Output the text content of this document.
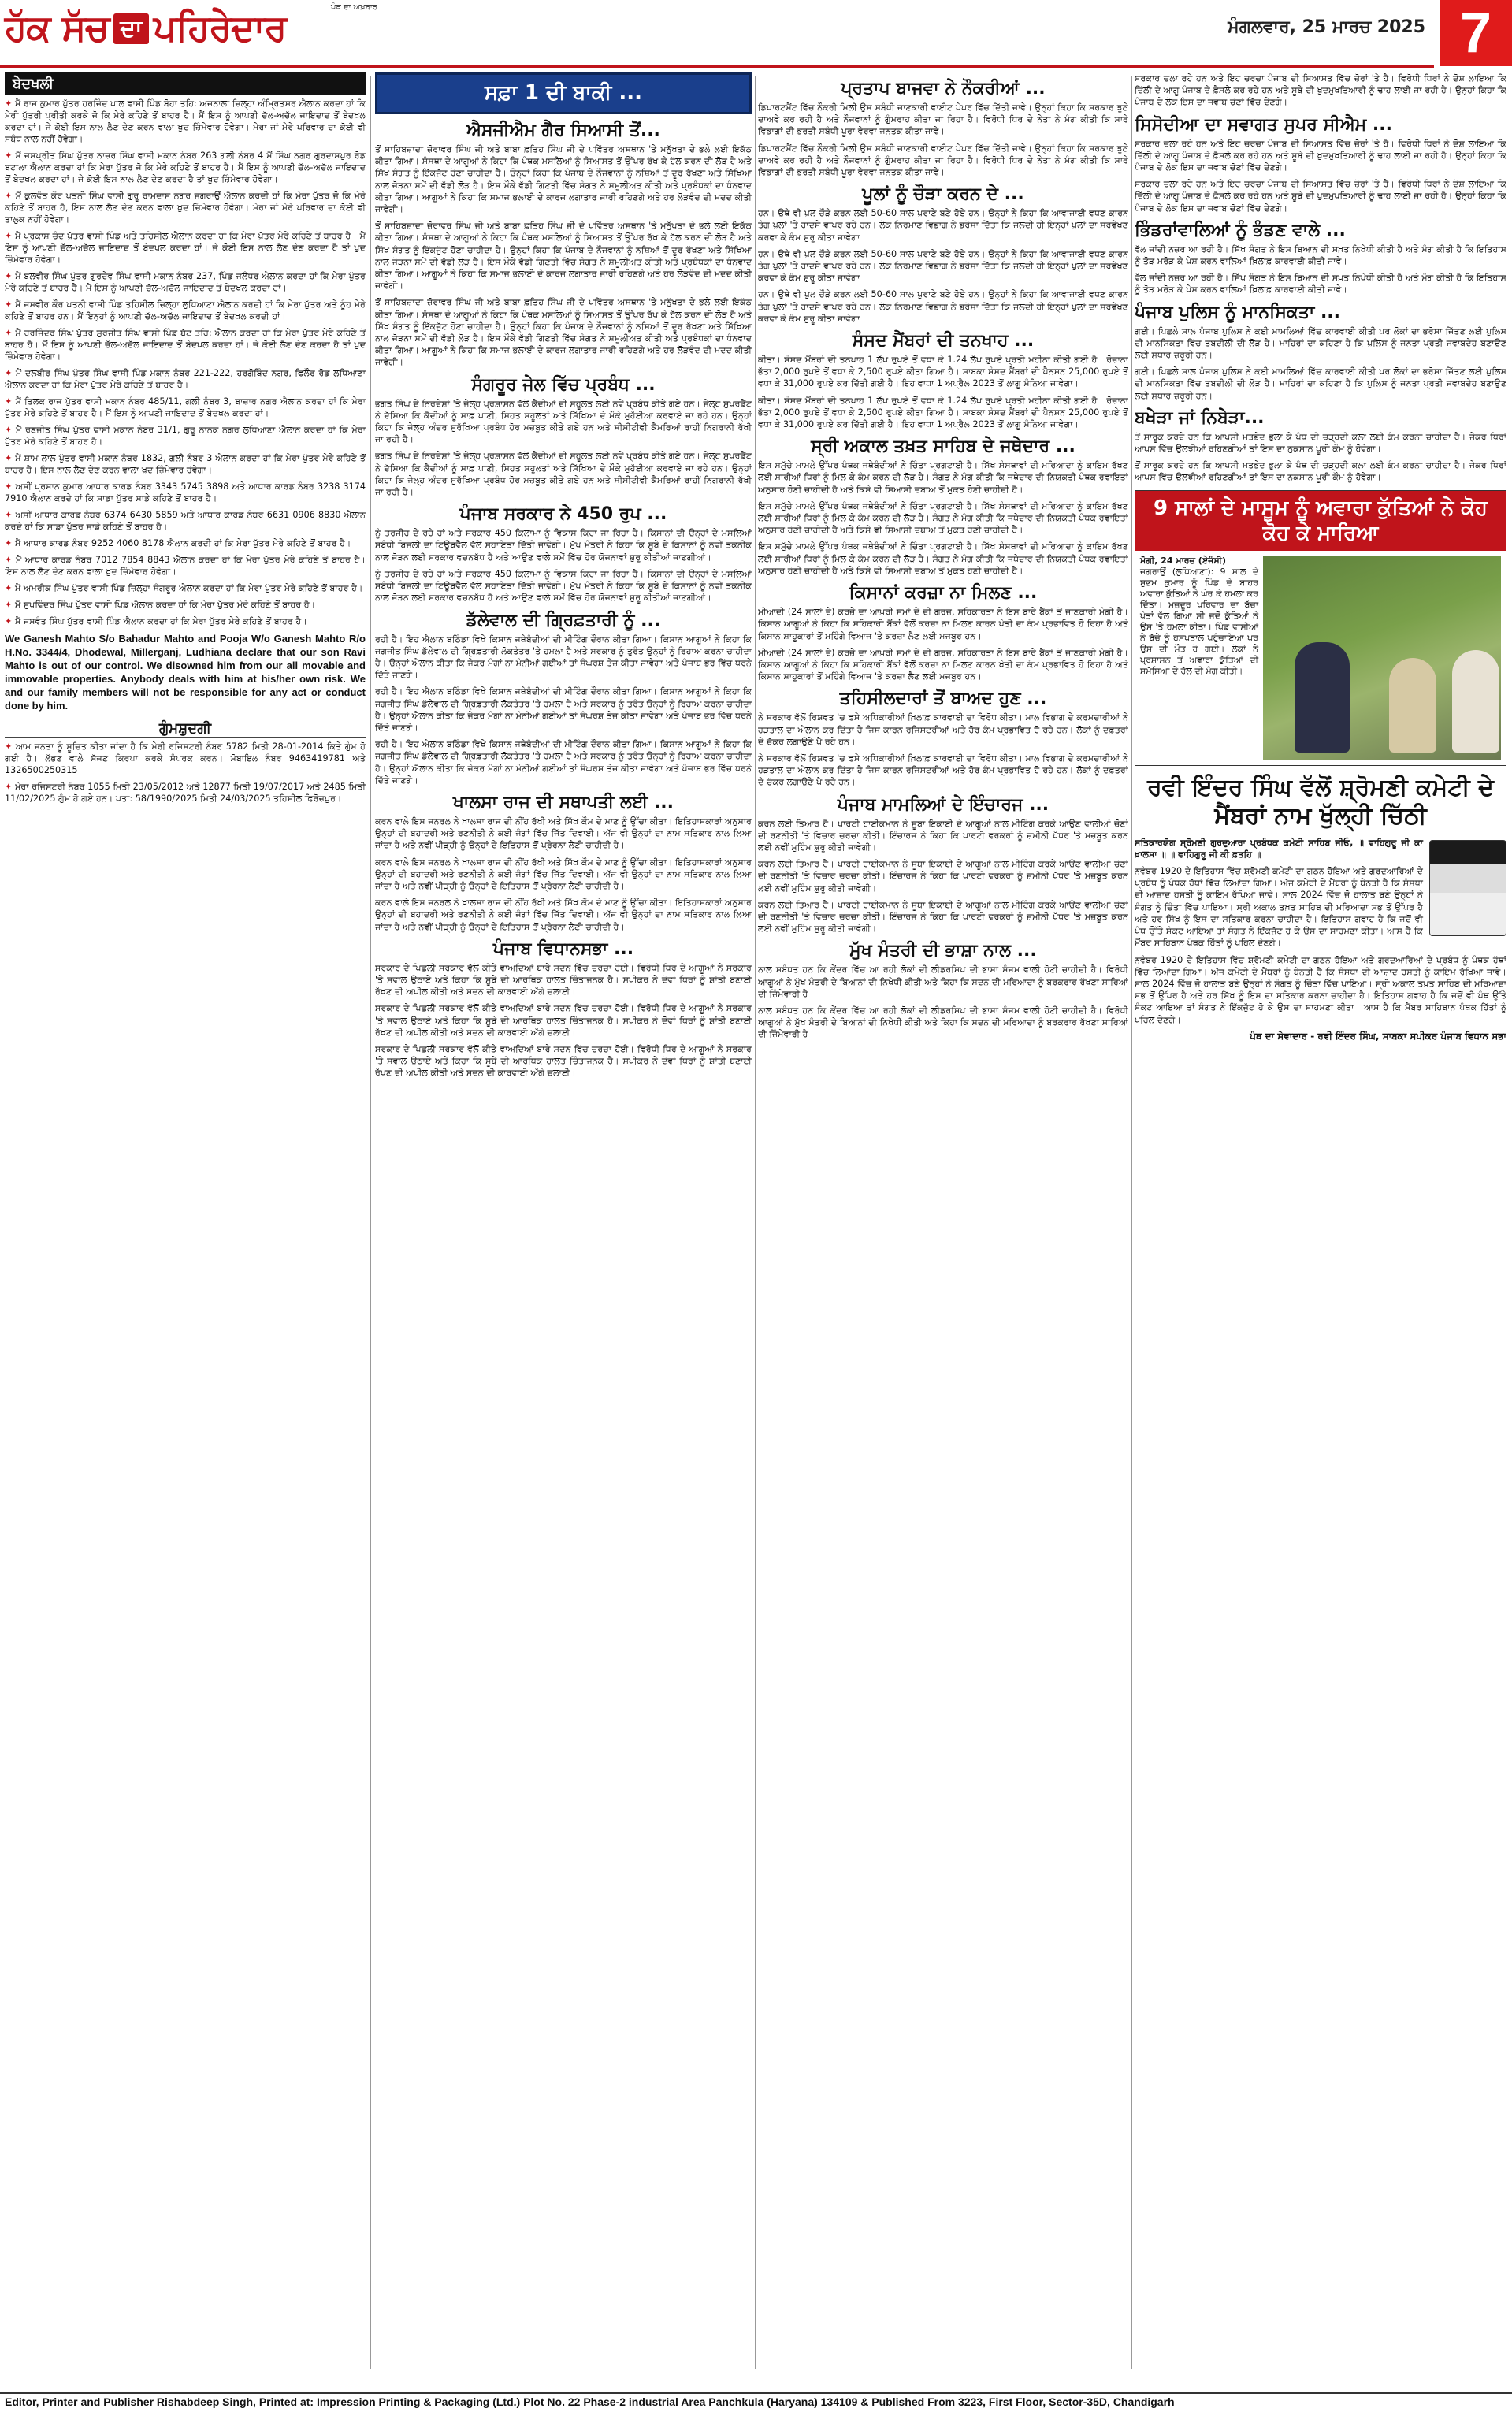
ਹੱਕ ਸੱਚ ਦਾ ਪਹਿਰੇਦਾਰ	ਪੰਥ ਦਾ ਅਖ਼ਬਾਰ
ਮੰਗਲਵਾਰ, 25 ਮਾਰਚ 2025 7
ਬੇਦਖਲੀ

✦ ਮੈਂ ਰਾਜ ਕੁਮਾਰ ਪੁੱਤਰ ਹਰਜਿੰਦ ਪਾਲ ਵਾਸੀ ਪਿੰਡ ਬੋਹਾ ਤਹਿ: ਅਜਨਾਲਾ ਜ਼ਿਲ੍ਹਾ ਅੰਮ੍ਰਿਤਸਰ ਐਲਾਨ ਕਰਦਾ ਹਾਂ ਕਿ ਮੇਰੀ ਪੁੱਤਰੀ ਪ੍ਰੀਤੀ ਕਰਕੇ ਜੋ ਕਿ ਮੇਰੇ ਕਹਿਣੇ ਤੋਂ ਬਾਹਰ ਹੈ। ਮੈਂ ਇਸ ਨੂੰ ਆਪਣੀ ਚੱਲ-ਅਚੱਲ ਜਾਇਦਾਦ ਤੋਂ ਬੇਦਖਲ ਕਰਦਾ ਹਾਂ। ਜੇ ਕੋਈ ਇਸ ਨਾਲ ਲੈਣ ਦੇਣ ਕਰਨ ਵਾਲਾ ਖੁਦ ਜ਼ਿੰਮੇਵਾਰ ਹੋਵੇਗਾ। ਮੇਰਾ ਜਾਂ ਮੇਰੇ ਪਰਿਵਾਰ ਦਾ ਕੋਈ ਵੀ ਸਬੰਧ ਨਾਲ ਨਹੀਂ ਹੋਵੇਗਾ।

✦ ਮੈਂ ਜਸਪ੍ਰੀਤ ਸਿੰਘ ਪੁੱਤਰ ਨਾਜ਼ਰ ਸਿੰਘ ਵਾਸੀ ਮਕਾਨ ਨੰਬਰ 263 ਗਲੀ ਨੰਬਰ 4 ਮੈਂ ਸਿੰਘ ਨਗਰ ਗੁਰਦਾਸਪੁਰ ਰੋਡ ਬਟਾਲਾ ਐਲਾਨ ਕਰਦਾ ਹਾਂ ਕਿ ਮੇਰਾ ਪੁੱਤਰ ਜੋ ਕਿ ਮੇਰੇ ਕਹਿਣੇ ਤੋਂ ਬਾਹਰ ਹੈ। ਮੈਂ ਇਸ ਨੂੰ ਆਪਣੀ ਚੱਲ-ਅਚੱਲ ਜਾਇਦਾਦ ਤੋਂ ਬੇਦਖਲ ਕਰਦਾ ਹਾਂ। ਜੇ ਕੋਈ ਇਸ ਨਾਲ ਲੈਣ ਦੇਣ ਕਰਦਾ ਹੈ ਤਾਂ ਖੁਦ ਜ਼ਿੰਮੇਵਾਰ ਹੋਵੇਗਾ।

✦ ਮੈਂ ਕੁਲਵੰਤ ਕੌਰ ਪਤਨੀ ਸਿੰਘ ਵਾਸੀ ਗੁਰੂ ਰਾਮਦਾਸ ਨਗਰ ਜਗਰਾਉਂ ਐਲਾਨ ਕਰਦੀ ਹਾਂ ਕਿ ਮੇਰਾ ਪੁੱਤਰ ਜੋ ਕਿ ਮੇਰੇ ਕਹਿਣੇ ਤੋਂ ਬਾਹਰ ਹੈ, ਇਸ ਨਾਲ ਲੈਣ ਦੇਣ ਕਰਨ ਵਾਲਾ ਖੁਦ ਜ਼ਿੰਮੇਵਾਰ ਹੋਵੇਗਾ। ਮੇਰਾ ਜਾਂ ਮੇਰੇ ਪਰਿਵਾਰ ਦਾ ਕੋਈ ਵੀ ਤਾਲੁਕ ਨਹੀਂ ਹੋਵੇਗਾ।

✦ ਮੈਂ ਪ੍ਰਕਾਸ਼ ਚੰਦ ਪੁੱਤਰ ਵਾਸੀ ਪਿੰਡ ਅਤੇ ਤਹਿਸੀਲ ਐਲਾਨ ਕਰਦਾ ਹਾਂ ਕਿ ਮੇਰਾ ਪੁੱਤਰ ਮੇਰੇ ਕਹਿਣੇ ਤੋਂ ਬਾਹਰ ਹੈ। ਮੈਂ ਇਸ ਨੂੰ ਆਪਣੀ ਚੱਲ-ਅਚੱਲ ਜਾਇਦਾਦ ਤੋਂ ਬੇਦਖਲ ਕਰਦਾ ਹਾਂ। ਜੇ ਕੋਈ ਇਸ ਨਾਲ ਲੈਣ ਦੇਣ ਕਰਦਾ ਹੈ ਤਾਂ ਖੁਦ ਜ਼ਿੰਮੇਵਾਰ ਹੋਵੇਗਾ।

✦ ਮੈਂ ਬਲਵੀਰ ਸਿੰਘ ਪੁੱਤਰ ਗੁਰਦੇਵ ਸਿੰਘ ਵਾਸੀ ਮਕਾਨ ਨੰਬਰ 237, ਪਿੰਡ ਜਲੰਧਰ ਐਲਾਨ ਕਰਦਾ ਹਾਂ ਕਿ ਮੇਰਾ ਪੁੱਤਰ ਮੇਰੇ ਕਹਿਣੇ ਤੋਂ ਬਾਹਰ ਹੈ। ਮੈਂ ਇਸ ਨੂੰ ਆਪਣੀ ਚੱਲ-ਅਚੱਲ ਜਾਇਦਾਦ ਤੋਂ ਬੇਦਖਲ ਕਰਦਾ ਹਾਂ।

✦ ਮੈਂ ਜਸਵੀਰ ਕੌਰ ਪਤਨੀ ਵਾਸੀ ਪਿੰਡ ਤਹਿਸੀਲ ਜ਼ਿਲ੍ਹਾ ਲੁਧਿਆਣਾ ਐਲਾਨ ਕਰਦੀ ਹਾਂ ਕਿ ਮੇਰਾ ਪੁੱਤਰ ਅਤੇ ਨੂੰਹ ਮੇਰੇ ਕਹਿਣੇ ਤੋਂ ਬਾਹਰ ਹਨ। ਮੈਂ ਇਨ੍ਹਾਂ ਨੂੰ ਆਪਣੀ ਚੱਲ-ਅਚੱਲ ਜਾਇਦਾਦ ਤੋਂ ਬੇਦਖਲ ਕਰਦੀ ਹਾਂ।

✦ ਮੈਂ ਹਰਜਿੰਦਰ ਸਿੰਘ ਪੁੱਤਰ ਸੁਰਜੀਤ ਸਿੰਘ ਵਾਸੀ ਪਿੰਡ ਬੱਟ ਤਹਿ: ਐਲਾਨ ਕਰਦਾ ਹਾਂ ਕਿ ਮੇਰਾ ਪੁੱਤਰ ਮੇਰੇ ਕਹਿਣੇ ਤੋਂ ਬਾਹਰ ਹੈ। ਮੈਂ ਇਸ ਨੂੰ ਆਪਣੀ ਚੱਲ-ਅਚੱਲ ਜਾਇਦਾਦ ਤੋਂ ਬੇਦਖਲ ਕਰਦਾ ਹਾਂ। ਜੇ ਕੋਈ ਲੈਣ ਦੇਣ ਕਰਦਾ ਹੈ ਤਾਂ ਖੁਦ ਜ਼ਿੰਮੇਵਾਰ ਹੋਵੇਗਾ।

✦ ਮੈਂ ਦਲਬੀਰ ਸਿੰਘ ਪੁੱਤਰ ਸਿੰਘ ਵਾਸੀ ਪਿੰਡ ਮਕਾਨ ਨੰਬਰ 221-222, ਹਰਗੋਬਿੰਦ ਨਗਰ, ਫਿਲੌਰ ਰੋਡ ਲੁਧਿਆਣਾ ਐਲਾਨ ਕਰਦਾ ਹਾਂ ਕਿ ਮੇਰਾ ਪੁੱਤਰ ਮੇਰੇ ਕਹਿਣੇ ਤੋਂ ਬਾਹਰ ਹੈ।

✦ ਮੈਂ ਤਿਲਕ ਰਾਜ ਪੁੱਤਰ ਵਾਸੀ ਮਕਾਨ ਨੰਬਰ 485/11, ਗਲੀ ਨੰਬਰ 3, ਬਾਜ਼ਾਰ ਨਗਰ ਐਲਾਨ ਕਰਦਾ ਹਾਂ ਕਿ ਮੇਰਾ ਪੁੱਤਰ ਮੇਰੇ ਕਹਿਣੇ ਤੋਂ ਬਾਹਰ ਹੈ। ਮੈਂ ਇਸ ਨੂੰ ਆਪਣੀ ਜਾਇਦਾਦ ਤੋਂ ਬੇਦਖਲ ਕਰਦਾ ਹਾਂ।

✦ ਮੈਂ ਰਣਜੀਤ ਸਿੰਘ ਪੁੱਤਰ ਵਾਸੀ ਮਕਾਨ ਨੰਬਰ 31/1, ਗੁਰੂ ਨਾਨਕ ਨਗਰ ਲੁਧਿਆਣਾ ਐਲਾਨ ਕਰਦਾ ਹਾਂ ਕਿ ਮੇਰਾ ਪੁੱਤਰ ਮੇਰੇ ਕਹਿਣੇ ਤੋਂ ਬਾਹਰ ਹੈ।

✦ ਮੈਂ ਸ਼ਾਮ ਲਾਲ ਪੁੱਤਰ ਵਾਸੀ ਮਕਾਨ ਨੰਬਰ 1832, ਗਲੀ ਨੰਬਰ 3 ਐਲਾਨ ਕਰਦਾ ਹਾਂ ਕਿ ਮੇਰਾ ਪੁੱਤਰ ਮੇਰੇ ਕਹਿਣੇ ਤੋਂ ਬਾਹਰ ਹੈ। ਇਸ ਨਾਲ ਲੈਣ ਦੇਣ ਕਰਨ ਵਾਲਾ ਖੁਦ ਜ਼ਿੰਮੇਵਾਰ ਹੋਵੇਗਾ।

✦ ਅਸੀਂ ਪ੍ਰਸ਼ਾਨ ਕੁਮਾਰ ਆਧਾਰ ਕਾਰਡ ਨੰਬਰ 3343 5745 3898 ਅਤੇ ਆਧਾਰ ਕਾਰਡ ਨੰਬਰ 3238 3174 7910 ਐਲਾਨ ਕਰਦੇ ਹਾਂ ਕਿ ਸਾਡਾ ਪੁੱਤਰ ਸਾਡੇ ਕਹਿਣੇ ਤੋਂ ਬਾਹਰ ਹੈ।

✦ ਅਸੀਂ ਆਧਾਰ ਕਾਰਡ ਨੰਬਰ 6374 6430 5859 ਅਤੇ ਆਧਾਰ ਕਾਰਡ ਨੰਬਰ 6631 0906 8830 ਐਲਾਨ ਕਰਦੇ ਹਾਂ ਕਿ ਸਾਡਾ ਪੁੱਤਰ ਸਾਡੇ ਕਹਿਣੇ ਤੋਂ ਬਾਹਰ ਹੈ।

✦ ਮੈਂ ਆਧਾਰ ਕਾਰਡ ਨੰਬਰ 9252 4060 8178 ਐਲਾਨ ਕਰਦੀ ਹਾਂ ਕਿ ਮੇਰਾ ਪੁੱਤਰ ਮੇਰੇ ਕਹਿਣੇ ਤੋਂ ਬਾਹਰ ਹੈ।

✦ ਮੈਂ ਆਧਾਰ ਕਾਰਡ ਨੰਬਰ 7012 7854 8843 ਐਲਾਨ ਕਰਦਾ ਹਾਂ ਕਿ ਮੇਰਾ ਪੁੱਤਰ ਮੇਰੇ ਕਹਿਣੇ ਤੋਂ ਬਾਹਰ ਹੈ। ਇਸ ਨਾਲ ਲੈਣ ਦੇਣ ਕਰਨ ਵਾਲਾ ਖੁਦ ਜ਼ਿੰਮੇਵਾਰ ਹੋਵੇਗਾ।

✦ ਮੈਂ ਅਮਰੀਕ ਸਿੰਘ ਪੁੱਤਰ ਵਾਸੀ ਪਿੰਡ ਜ਼ਿਲ੍ਹਾ ਸੰਗਰੂਰ ਐਲਾਨ ਕਰਦਾ ਹਾਂ ਕਿ ਮੇਰਾ ਪੁੱਤਰ ਮੇਰੇ ਕਹਿਣੇ ਤੋਂ ਬਾਹਰ ਹੈ।

✦ ਮੈਂ ਸੁਖਵਿੰਦਰ ਸਿੰਘ ਪੁੱਤਰ ਵਾਸੀ ਪਿੰਡ ਐਲਾਨ ਕਰਦਾ ਹਾਂ ਕਿ ਮੇਰਾ ਪੁੱਤਰ ਮੇਰੇ ਕਹਿਣੇ ਤੋਂ ਬਾਹਰ ਹੈ।

✦ ਮੈਂ ਜਸਵੰਤ ਸਿੰਘ ਪੁੱਤਰ ਵਾਸੀ ਪਿੰਡ ਐਲਾਨ ਕਰਦਾ ਹਾਂ ਕਿ ਮੇਰਾ ਪੁੱਤਰ ਮੇਰੇ ਕਹਿਣੇ ਤੋਂ ਬਾਹਰ ਹੈ।

We Ganesh Mahto S/o Bahadur Mahto and Pooja W/o Ganesh Mahto R/o H.No. 3344/4, Dhodewal, Millerganj, Ludhiana declare that our son Ravi Mahto is out of our control. We disowned him from our all movable and immovable properties. Anybody deals with him at his/her own risk. We and our family members will not be responsible for any act or conduct done by him.

ਗੁੰਮਸ਼ੁਦਗੀ

✦ ਆਮ ਜਨਤਾ ਨੂੰ ਸੂਚਿਤ ਕੀਤਾ ਜਾਂਦਾ ਹੈ ਕਿ ਮੇਰੀ ਰਜਿਸਟਰੀ ਨੰਬਰ 5782 ਮਿਤੀ 28-01-2014 ਕਿਤੇ ਗੁੰਮ ਹੋ ਗਈ ਹੈ। ਲੱਭਣ ਵਾਲੇ ਸੱਜਣ ਕਿਰਪਾ ਕਰਕੇ ਸੰਪਰਕ ਕਰਨ। ਮੋਬਾਇਲ ਨੰਬਰ 9463419781 ਅਤੇ 1326500250315

✦ ਮੇਰਾ ਰਜਿਸਟਰੀ ਨੰਬਰ 1055 ਮਿਤੀ 23/05/2012 ਅਤੇ 12877 ਮਿਤੀ 19/07/2017 ਅਤੇ 2485 ਮਿਤੀ 11/02/2025 ਗੁੰਮ ਹੋ ਗਏ ਹਨ। ਪਤਾ: 58/1990/2025 ਮਿਤੀ 24/03/2025 ਤਹਿਸੀਲ ਫਿਰੋਜ਼ਪੁਰ।

ਸਫ਼ਾ 1 ਦੀ ਬਾਕੀ ...
ਐਸਜੀਐਮ ਗੈਰ ਸਿਆਸੀ ਤੋਂ...

ਤੋਂ ਸਾਹਿਬਜ਼ਾਦਾ ਜ਼ੋਰਾਵਰ ਸਿੰਘ ਜੀ ਅਤੇ ਬਾਬਾ ਫ਼ਤਿਹ ਸਿੰਘ ਜੀ ਦੇ ਪਵਿੱਤਰ ਅਸਥਾਨ 'ਤੇ ਮਨੁੱਖਤਾ ਦੇ ਭਲੇ ਲਈ ਇਕੱਠ ਕੀਤਾ ਗਿਆ। ਸੰਸਥਾ ਦੇ ਆਗੂਆਂ ਨੇ ਕਿਹਾ ਕਿ ਪੰਥਕ ਮਸਲਿਆਂ ਨੂੰ ਸਿਆਸਤ ਤੋਂ ਉੱਪਰ ਰੱਖ ਕੇ ਹੱਲ ਕਰਨ ਦੀ ਲੋੜ ਹੈ ਅਤੇ ਸਿੱਖ ਸੰਗਤ ਨੂੰ ਇੱਕਜੁੱਟ ਹੋਣਾ ਚਾਹੀਦਾ ਹੈ। ਉਨ੍ਹਾਂ ਕਿਹਾ ਕਿ ਪੰਜਾਬ ਦੇ ਨੌਜਵਾਨਾਂ ਨੂੰ ਨਸ਼ਿਆਂ ਤੋਂ ਦੂਰ ਰੱਖਣਾ ਅਤੇ ਸਿੱਖਿਆ ਨਾਲ ਜੋੜਨਾ ਸਮੇਂ ਦੀ ਵੱਡੀ ਲੋੜ ਹੈ। ਇਸ ਮੌਕੇ ਵੱਡੀ ਗਿਣਤੀ ਵਿੱਚ ਸੰਗਤ ਨੇ ਸ਼ਮੂਲੀਅਤ ਕੀਤੀ ਅਤੇ ਪ੍ਰਬੰਧਕਾਂ ਦਾ ਧੰਨਵਾਦ ਕੀਤਾ ਗਿਆ। ਆਗੂਆਂ ਨੇ ਕਿਹਾ ਕਿ ਸਮਾਜ ਭਲਾਈ ਦੇ ਕਾਰਜ ਲਗਾਤਾਰ ਜਾਰੀ ਰਹਿਣਗੇ ਅਤੇ ਹਰ ਲੋੜਵੰਦ ਦੀ ਮਦਦ ਕੀਤੀ ਜਾਵੇਗੀ।

ਤੋਂ ਸਾਹਿਬਜ਼ਾਦਾ ਜ਼ੋਰਾਵਰ ਸਿੰਘ ਜੀ ਅਤੇ ਬਾਬਾ ਫ਼ਤਿਹ ਸਿੰਘ ਜੀ ਦੇ ਪਵਿੱਤਰ ਅਸਥਾਨ 'ਤੇ ਮਨੁੱਖਤਾ ਦੇ ਭਲੇ ਲਈ ਇਕੱਠ ਕੀਤਾ ਗਿਆ। ਸੰਸਥਾ ਦੇ ਆਗੂਆਂ ਨੇ ਕਿਹਾ ਕਿ ਪੰਥਕ ਮਸਲਿਆਂ ਨੂੰ ਸਿਆਸਤ ਤੋਂ ਉੱਪਰ ਰੱਖ ਕੇ ਹੱਲ ਕਰਨ ਦੀ ਲੋੜ ਹੈ ਅਤੇ ਸਿੱਖ ਸੰਗਤ ਨੂੰ ਇੱਕਜੁੱਟ ਹੋਣਾ ਚਾਹੀਦਾ ਹੈ। ਉਨ੍ਹਾਂ ਕਿਹਾ ਕਿ ਪੰਜਾਬ ਦੇ ਨੌਜਵਾਨਾਂ ਨੂੰ ਨਸ਼ਿਆਂ ਤੋਂ ਦੂਰ ਰੱਖਣਾ ਅਤੇ ਸਿੱਖਿਆ ਨਾਲ ਜੋੜਨਾ ਸਮੇਂ ਦੀ ਵੱਡੀ ਲੋੜ ਹੈ। ਇਸ ਮੌਕੇ ਵੱਡੀ ਗਿਣਤੀ ਵਿੱਚ ਸੰਗਤ ਨੇ ਸ਼ਮੂਲੀਅਤ ਕੀਤੀ ਅਤੇ ਪ੍ਰਬੰਧਕਾਂ ਦਾ ਧੰਨਵਾਦ ਕੀਤਾ ਗਿਆ। ਆਗੂਆਂ ਨੇ ਕਿਹਾ ਕਿ ਸਮਾਜ ਭਲਾਈ ਦੇ ਕਾਰਜ ਲਗਾਤਾਰ ਜਾਰੀ ਰਹਿਣਗੇ ਅਤੇ ਹਰ ਲੋੜਵੰਦ ਦੀ ਮਦਦ ਕੀਤੀ ਜਾਵੇਗੀ।

ਤੋਂ ਸਾਹਿਬਜ਼ਾਦਾ ਜ਼ੋਰਾਵਰ ਸਿੰਘ ਜੀ ਅਤੇ ਬਾਬਾ ਫ਼ਤਿਹ ਸਿੰਘ ਜੀ ਦੇ ਪਵਿੱਤਰ ਅਸਥਾਨ 'ਤੇ ਮਨੁੱਖਤਾ ਦੇ ਭਲੇ ਲਈ ਇਕੱਠ ਕੀਤਾ ਗਿਆ। ਸੰਸਥਾ ਦੇ ਆਗੂਆਂ ਨੇ ਕਿਹਾ ਕਿ ਪੰਥਕ ਮਸਲਿਆਂ ਨੂੰ ਸਿਆਸਤ ਤੋਂ ਉੱਪਰ ਰੱਖ ਕੇ ਹੱਲ ਕਰਨ ਦੀ ਲੋੜ ਹੈ ਅਤੇ ਸਿੱਖ ਸੰਗਤ ਨੂੰ ਇੱਕਜੁੱਟ ਹੋਣਾ ਚਾਹੀਦਾ ਹੈ। ਉਨ੍ਹਾਂ ਕਿਹਾ ਕਿ ਪੰਜਾਬ ਦੇ ਨੌਜਵਾਨਾਂ ਨੂੰ ਨਸ਼ਿਆਂ ਤੋਂ ਦੂਰ ਰੱਖਣਾ ਅਤੇ ਸਿੱਖਿਆ ਨਾਲ ਜੋੜਨਾ ਸਮੇਂ ਦੀ ਵੱਡੀ ਲੋੜ ਹੈ। ਇਸ ਮੌਕੇ ਵੱਡੀ ਗਿਣਤੀ ਵਿੱਚ ਸੰਗਤ ਨੇ ਸ਼ਮੂਲੀਅਤ ਕੀਤੀ ਅਤੇ ਪ੍ਰਬੰਧਕਾਂ ਦਾ ਧੰਨਵਾਦ ਕੀਤਾ ਗਿਆ। ਆਗੂਆਂ ਨੇ ਕਿਹਾ ਕਿ ਸਮਾਜ ਭਲਾਈ ਦੇ ਕਾਰਜ ਲਗਾਤਾਰ ਜਾਰੀ ਰਹਿਣਗੇ ਅਤੇ ਹਰ ਲੋੜਵੰਦ ਦੀ ਮਦਦ ਕੀਤੀ ਜਾਵੇਗੀ।

ਸੰਗਰੂਰ ਜੇਲ ਵਿੱਚ ਪ੍ਰਬੰਧ ...

ਭਗਤ ਸਿੰਘ ਦੇ ਨਿਰਦੇਸ਼ਾਂ 'ਤੇ ਜੇਲ੍ਹ ਪ੍ਰਸ਼ਾਸਨ ਵੱਲੋਂ ਕੈਦੀਆਂ ਦੀ ਸਹੂਲਤ ਲਈ ਨਵੇਂ ਪ੍ਰਬੰਧ ਕੀਤੇ ਗਏ ਹਨ। ਜੇਲ੍ਹ ਸੁਪਰਡੈਂਟ ਨੇ ਦੱਸਿਆ ਕਿ ਕੈਦੀਆਂ ਨੂੰ ਸਾਫ਼ ਪਾਣੀ, ਸਿਹਤ ਸਹੂਲਤਾਂ ਅਤੇ ਸਿੱਖਿਆ ਦੇ ਮੌਕੇ ਮੁਹੱਈਆ ਕਰਵਾਏ ਜਾ ਰਹੇ ਹਨ। ਉਨ੍ਹਾਂ ਕਿਹਾ ਕਿ ਜੇਲ੍ਹ ਅੰਦਰ ਸੁਰੱਖਿਆ ਪ੍ਰਬੰਧ ਹੋਰ ਮਜ਼ਬੂਤ ਕੀਤੇ ਗਏ ਹਨ ਅਤੇ ਸੀਸੀਟੀਵੀ ਕੈਮਰਿਆਂ ਰਾਹੀਂ ਨਿਗਰਾਨੀ ਰੱਖੀ ਜਾ ਰਹੀ ਹੈ।

ਭਗਤ ਸਿੰਘ ਦੇ ਨਿਰਦੇਸ਼ਾਂ 'ਤੇ ਜੇਲ੍ਹ ਪ੍ਰਸ਼ਾਸਨ ਵੱਲੋਂ ਕੈਦੀਆਂ ਦੀ ਸਹੂਲਤ ਲਈ ਨਵੇਂ ਪ੍ਰਬੰਧ ਕੀਤੇ ਗਏ ਹਨ। ਜੇਲ੍ਹ ਸੁਪਰਡੈਂਟ ਨੇ ਦੱਸਿਆ ਕਿ ਕੈਦੀਆਂ ਨੂੰ ਸਾਫ਼ ਪਾਣੀ, ਸਿਹਤ ਸਹੂਲਤਾਂ ਅਤੇ ਸਿੱਖਿਆ ਦੇ ਮੌਕੇ ਮੁਹੱਈਆ ਕਰਵਾਏ ਜਾ ਰਹੇ ਹਨ। ਉਨ੍ਹਾਂ ਕਿਹਾ ਕਿ ਜੇਲ੍ਹ ਅੰਦਰ ਸੁਰੱਖਿਆ ਪ੍ਰਬੰਧ ਹੋਰ ਮਜ਼ਬੂਤ ਕੀਤੇ ਗਏ ਹਨ ਅਤੇ ਸੀਸੀਟੀਵੀ ਕੈਮਰਿਆਂ ਰਾਹੀਂ ਨਿਗਰਾਨੀ ਰੱਖੀ ਜਾ ਰਹੀ ਹੈ।

ਪੰਜਾਬ ਸਰਕਾਰ ਨੇ 450 ਰੁਪ ...

ਨੂੰ ਤਰਜੀਹ ਦੇ ਰਹੇ ਹਾਂ ਅਤੇ ਸਰਕਾਰ 450 ਕਿਲਾਮਾ ਨੂੰ ਵਿਕਾਸ ਕਿਹਾ ਜਾ ਰਿਹਾ ਹੈ। ਕਿਸਾਨਾਂ ਦੀ ਉਨ੍ਹਾਂ ਦੇ ਮਸਲਿਆਂ ਸਬੰਧੀ ਬਿਜਲੀ ਦਾ ਟਿਊਬਵੈੱਲ ਵੱਲੋਂ ਸਹਾਇਤਾ ਦਿੱਤੀ ਜਾਵੇਗੀ। ਮੁੱਖ ਮੰਤਰੀ ਨੇ ਕਿਹਾ ਕਿ ਸੂਬੇ ਦੇ ਕਿਸਾਨਾਂ ਨੂੰ ਨਵੀਂ ਤਕਨੀਕ ਨਾਲ ਜੋੜਨ ਲਈ ਸਰਕਾਰ ਵਚਨਬੱਧ ਹੈ ਅਤੇ ਆਉਣ ਵਾਲੇ ਸਮੇਂ ਵਿੱਚ ਹੋਰ ਯੋਜਨਾਵਾਂ ਸ਼ੁਰੂ ਕੀਤੀਆਂ ਜਾਣਗੀਆਂ।

ਨੂੰ ਤਰਜੀਹ ਦੇ ਰਹੇ ਹਾਂ ਅਤੇ ਸਰਕਾਰ 450 ਕਿਲਾਮਾ ਨੂੰ ਵਿਕਾਸ ਕਿਹਾ ਜਾ ਰਿਹਾ ਹੈ। ਕਿਸਾਨਾਂ ਦੀ ਉਨ੍ਹਾਂ ਦੇ ਮਸਲਿਆਂ ਸਬੰਧੀ ਬਿਜਲੀ ਦਾ ਟਿਊਬਵੈੱਲ ਵੱਲੋਂ ਸਹਾਇਤਾ ਦਿੱਤੀ ਜਾਵੇਗੀ। ਮੁੱਖ ਮੰਤਰੀ ਨੇ ਕਿਹਾ ਕਿ ਸੂਬੇ ਦੇ ਕਿਸਾਨਾਂ ਨੂੰ ਨਵੀਂ ਤਕਨੀਕ ਨਾਲ ਜੋੜਨ ਲਈ ਸਰਕਾਰ ਵਚਨਬੱਧ ਹੈ ਅਤੇ ਆਉਣ ਵਾਲੇ ਸਮੇਂ ਵਿੱਚ ਹੋਰ ਯੋਜਨਾਵਾਂ ਸ਼ੁਰੂ ਕੀਤੀਆਂ ਜਾਣਗੀਆਂ।

ਡੱਲੇਵਾਲ ਦੀ ਗ੍ਰਿਫ਼ਤਾਰੀ ਨੂੰ ...

ਰਹੀ ਹੈ। ਇਹ ਐਲਾਨ ਬਠਿੰਡਾ ਵਿਖੇ ਕਿਸਾਨ ਜਥੇਬੰਦੀਆਂ ਦੀ ਮੀਟਿੰਗ ਦੌਰਾਨ ਕੀਤਾ ਗਿਆ। ਕਿਸਾਨ ਆਗੂਆਂ ਨੇ ਕਿਹਾ ਕਿ ਜਗਜੀਤ ਸਿੰਘ ਡੱਲੇਵਾਲ ਦੀ ਗ੍ਰਿਫ਼ਤਾਰੀ ਲੋਕਤੰਤਰ 'ਤੇ ਹਮਲਾ ਹੈ ਅਤੇ ਸਰਕਾਰ ਨੂੰ ਤੁਰੰਤ ਉਨ੍ਹਾਂ ਨੂੰ ਰਿਹਾਅ ਕਰਨਾ ਚਾਹੀਦਾ ਹੈ। ਉਨ੍ਹਾਂ ਐਲਾਨ ਕੀਤਾ ਕਿ ਜੇਕਰ ਮੰਗਾਂ ਨਾ ਮੰਨੀਆਂ ਗਈਆਂ ਤਾਂ ਸੰਘਰਸ਼ ਤੇਜ਼ ਕੀਤਾ ਜਾਵੇਗਾ ਅਤੇ ਪੰਜਾਬ ਭਰ ਵਿੱਚ ਧਰਨੇ ਦਿੱਤੇ ਜਾਣਗੇ।

ਰਹੀ ਹੈ। ਇਹ ਐਲਾਨ ਬਠਿੰਡਾ ਵਿਖੇ ਕਿਸਾਨ ਜਥੇਬੰਦੀਆਂ ਦੀ ਮੀਟਿੰਗ ਦੌਰਾਨ ਕੀਤਾ ਗਿਆ। ਕਿਸਾਨ ਆਗੂਆਂ ਨੇ ਕਿਹਾ ਕਿ ਜਗਜੀਤ ਸਿੰਘ ਡੱਲੇਵਾਲ ਦੀ ਗ੍ਰਿਫ਼ਤਾਰੀ ਲੋਕਤੰਤਰ 'ਤੇ ਹਮਲਾ ਹੈ ਅਤੇ ਸਰਕਾਰ ਨੂੰ ਤੁਰੰਤ ਉਨ੍ਹਾਂ ਨੂੰ ਰਿਹਾਅ ਕਰਨਾ ਚਾਹੀਦਾ ਹੈ। ਉਨ੍ਹਾਂ ਐਲਾਨ ਕੀਤਾ ਕਿ ਜੇਕਰ ਮੰਗਾਂ ਨਾ ਮੰਨੀਆਂ ਗਈਆਂ ਤਾਂ ਸੰਘਰਸ਼ ਤੇਜ਼ ਕੀਤਾ ਜਾਵੇਗਾ ਅਤੇ ਪੰਜਾਬ ਭਰ ਵਿੱਚ ਧਰਨੇ ਦਿੱਤੇ ਜਾਣਗੇ।

ਰਹੀ ਹੈ। ਇਹ ਐਲਾਨ ਬਠਿੰਡਾ ਵਿਖੇ ਕਿਸਾਨ ਜਥੇਬੰਦੀਆਂ ਦੀ ਮੀਟਿੰਗ ਦੌਰਾਨ ਕੀਤਾ ਗਿਆ। ਕਿਸਾਨ ਆਗੂਆਂ ਨੇ ਕਿਹਾ ਕਿ ਜਗਜੀਤ ਸਿੰਘ ਡੱਲੇਵਾਲ ਦੀ ਗ੍ਰਿਫ਼ਤਾਰੀ ਲੋਕਤੰਤਰ 'ਤੇ ਹਮਲਾ ਹੈ ਅਤੇ ਸਰਕਾਰ ਨੂੰ ਤੁਰੰਤ ਉਨ੍ਹਾਂ ਨੂੰ ਰਿਹਾਅ ਕਰਨਾ ਚਾਹੀਦਾ ਹੈ। ਉਨ੍ਹਾਂ ਐਲਾਨ ਕੀਤਾ ਕਿ ਜੇਕਰ ਮੰਗਾਂ ਨਾ ਮੰਨੀਆਂ ਗਈਆਂ ਤਾਂ ਸੰਘਰਸ਼ ਤੇਜ਼ ਕੀਤਾ ਜਾਵੇਗਾ ਅਤੇ ਪੰਜਾਬ ਭਰ ਵਿੱਚ ਧਰਨੇ ਦਿੱਤੇ ਜਾਣਗੇ।

ਖਾਲਸਾ ਰਾਜ ਦੀ ਸਥਾਪਤੀ ਲਈ ...

ਕਰਨ ਵਾਲੇ ਇਸ ਜਨਰਲ ਨੇ ਖ਼ਾਲਸਾ ਰਾਜ ਦੀ ਨੀਂਹ ਰੱਖੀ ਅਤੇ ਸਿੱਖ ਕੌਮ ਦੇ ਮਾਣ ਨੂੰ ਉੱਚਾ ਕੀਤਾ। ਇਤਿਹਾਸਕਾਰਾਂ ਅਨੁਸਾਰ ਉਨ੍ਹਾਂ ਦੀ ਬਹਾਦਰੀ ਅਤੇ ਰਣਨੀਤੀ ਨੇ ਕਈ ਜੰਗਾਂ ਵਿੱਚ ਜਿੱਤ ਦਿਵਾਈ। ਅੱਜ ਵੀ ਉਨ੍ਹਾਂ ਦਾ ਨਾਮ ਸਤਿਕਾਰ ਨਾਲ ਲਿਆ ਜਾਂਦਾ ਹੈ ਅਤੇ ਨਵੀਂ ਪੀੜ੍ਹੀ ਨੂੰ ਉਨ੍ਹਾਂ ਦੇ ਇਤਿਹਾਸ ਤੋਂ ਪ੍ਰੇਰਨਾ ਲੈਣੀ ਚਾਹੀਦੀ ਹੈ।

ਕਰਨ ਵਾਲੇ ਇਸ ਜਨਰਲ ਨੇ ਖ਼ਾਲਸਾ ਰਾਜ ਦੀ ਨੀਂਹ ਰੱਖੀ ਅਤੇ ਸਿੱਖ ਕੌਮ ਦੇ ਮਾਣ ਨੂੰ ਉੱਚਾ ਕੀਤਾ। ਇਤਿਹਾਸਕਾਰਾਂ ਅਨੁਸਾਰ ਉਨ੍ਹਾਂ ਦੀ ਬਹਾਦਰੀ ਅਤੇ ਰਣਨੀਤੀ ਨੇ ਕਈ ਜੰਗਾਂ ਵਿੱਚ ਜਿੱਤ ਦਿਵਾਈ। ਅੱਜ ਵੀ ਉਨ੍ਹਾਂ ਦਾ ਨਾਮ ਸਤਿਕਾਰ ਨਾਲ ਲਿਆ ਜਾਂਦਾ ਹੈ ਅਤੇ ਨਵੀਂ ਪੀੜ੍ਹੀ ਨੂੰ ਉਨ੍ਹਾਂ ਦੇ ਇਤਿਹਾਸ ਤੋਂ ਪ੍ਰੇਰਨਾ ਲੈਣੀ ਚਾਹੀਦੀ ਹੈ।

ਕਰਨ ਵਾਲੇ ਇਸ ਜਨਰਲ ਨੇ ਖ਼ਾਲਸਾ ਰਾਜ ਦੀ ਨੀਂਹ ਰੱਖੀ ਅਤੇ ਸਿੱਖ ਕੌਮ ਦੇ ਮਾਣ ਨੂੰ ਉੱਚਾ ਕੀਤਾ। ਇਤਿਹਾਸਕਾਰਾਂ ਅਨੁਸਾਰ ਉਨ੍ਹਾਂ ਦੀ ਬਹਾਦਰੀ ਅਤੇ ਰਣਨੀਤੀ ਨੇ ਕਈ ਜੰਗਾਂ ਵਿੱਚ ਜਿੱਤ ਦਿਵਾਈ। ਅੱਜ ਵੀ ਉਨ੍ਹਾਂ ਦਾ ਨਾਮ ਸਤਿਕਾਰ ਨਾਲ ਲਿਆ ਜਾਂਦਾ ਹੈ ਅਤੇ ਨਵੀਂ ਪੀੜ੍ਹੀ ਨੂੰ ਉਨ੍ਹਾਂ ਦੇ ਇਤਿਹਾਸ ਤੋਂ ਪ੍ਰੇਰਨਾ ਲੈਣੀ ਚਾਹੀਦੀ ਹੈ।

ਪੰਜਾਬ ਵਿਧਾਨਸਭਾ ...

ਸਰਕਾਰ ਦੇ ਪਿਛਲੀ ਸਰਕਾਰ ਵੱਲੋਂ ਕੀਤੇ ਵਾਅਦਿਆਂ ਬਾਰੇ ਸਦਨ ਵਿੱਚ ਚਰਚਾ ਹੋਈ। ਵਿਰੋਧੀ ਧਿਰ ਦੇ ਆਗੂਆਂ ਨੇ ਸਰਕਾਰ 'ਤੇ ਸਵਾਲ ਉਠਾਏ ਅਤੇ ਕਿਹਾ ਕਿ ਸੂਬੇ ਦੀ ਆਰਥਿਕ ਹਾਲਤ ਚਿੰਤਾਜਨਕ ਹੈ। ਸਪੀਕਰ ਨੇ ਦੋਵਾਂ ਧਿਰਾਂ ਨੂੰ ਸ਼ਾਂਤੀ ਬਣਾਈ ਰੱਖਣ ਦੀ ਅਪੀਲ ਕੀਤੀ ਅਤੇ ਸਦਨ ਦੀ ਕਾਰਵਾਈ ਅੱਗੇ ਚਲਾਈ।

ਸਰਕਾਰ ਦੇ ਪਿਛਲੀ ਸਰਕਾਰ ਵੱਲੋਂ ਕੀਤੇ ਵਾਅਦਿਆਂ ਬਾਰੇ ਸਦਨ ਵਿੱਚ ਚਰਚਾ ਹੋਈ। ਵਿਰੋਧੀ ਧਿਰ ਦੇ ਆਗੂਆਂ ਨੇ ਸਰਕਾਰ 'ਤੇ ਸਵਾਲ ਉਠਾਏ ਅਤੇ ਕਿਹਾ ਕਿ ਸੂਬੇ ਦੀ ਆਰਥਿਕ ਹਾਲਤ ਚਿੰਤਾਜਨਕ ਹੈ। ਸਪੀਕਰ ਨੇ ਦੋਵਾਂ ਧਿਰਾਂ ਨੂੰ ਸ਼ਾਂਤੀ ਬਣਾਈ ਰੱਖਣ ਦੀ ਅਪੀਲ ਕੀਤੀ ਅਤੇ ਸਦਨ ਦੀ ਕਾਰਵਾਈ ਅੱਗੇ ਚਲਾਈ।

ਸਰਕਾਰ ਦੇ ਪਿਛਲੀ ਸਰਕਾਰ ਵੱਲੋਂ ਕੀਤੇ ਵਾਅਦਿਆਂ ਬਾਰੇ ਸਦਨ ਵਿੱਚ ਚਰਚਾ ਹੋਈ। ਵਿਰੋਧੀ ਧਿਰ ਦੇ ਆਗੂਆਂ ਨੇ ਸਰਕਾਰ 'ਤੇ ਸਵਾਲ ਉਠਾਏ ਅਤੇ ਕਿਹਾ ਕਿ ਸੂਬੇ ਦੀ ਆਰਥਿਕ ਹਾਲਤ ਚਿੰਤਾਜਨਕ ਹੈ। ਸਪੀਕਰ ਨੇ ਦੋਵਾਂ ਧਿਰਾਂ ਨੂੰ ਸ਼ਾਂਤੀ ਬਣਾਈ ਰੱਖਣ ਦੀ ਅਪੀਲ ਕੀਤੀ ਅਤੇ ਸਦਨ ਦੀ ਕਾਰਵਾਈ ਅੱਗੇ ਚਲਾਈ।

ਪ੍ਰਤਾਪ ਬਾਜਵਾ ਨੇ ਨੌਕਰੀਆਂ ...

ਡਿਪਾਰਟਮੈਂਟ ਵਿੱਚ ਨੌਕਰੀ ਮਿਲੀ ਉਸ ਸਬੰਧੀ ਜਾਣਕਾਰੀ ਵਾਈਟ ਪੇਪਰ ਵਿੱਚ ਦਿੱਤੀ ਜਾਵੇ। ਉਨ੍ਹਾਂ ਕਿਹਾ ਕਿ ਸਰਕਾਰ ਝੂਠੇ ਦਾਅਵੇ ਕਰ ਰਹੀ ਹੈ ਅਤੇ ਨੌਜਵਾਨਾਂ ਨੂੰ ਗੁੰਮਰਾਹ ਕੀਤਾ ਜਾ ਰਿਹਾ ਹੈ। ਵਿਰੋਧੀ ਧਿਰ ਦੇ ਨੇਤਾ ਨੇ ਮੰਗ ਕੀਤੀ ਕਿ ਸਾਰੇ ਵਿਭਾਗਾਂ ਦੀ ਭਰਤੀ ਸਬੰਧੀ ਪੂਰਾ ਵੇਰਵਾ ਜਨਤਕ ਕੀਤਾ ਜਾਵੇ।

ਡਿਪਾਰਟਮੈਂਟ ਵਿੱਚ ਨੌਕਰੀ ਮਿਲੀ ਉਸ ਸਬੰਧੀ ਜਾਣਕਾਰੀ ਵਾਈਟ ਪੇਪਰ ਵਿੱਚ ਦਿੱਤੀ ਜਾਵੇ। ਉਨ੍ਹਾਂ ਕਿਹਾ ਕਿ ਸਰਕਾਰ ਝੂਠੇ ਦਾਅਵੇ ਕਰ ਰਹੀ ਹੈ ਅਤੇ ਨੌਜਵਾਨਾਂ ਨੂੰ ਗੁੰਮਰਾਹ ਕੀਤਾ ਜਾ ਰਿਹਾ ਹੈ। ਵਿਰੋਧੀ ਧਿਰ ਦੇ ਨੇਤਾ ਨੇ ਮੰਗ ਕੀਤੀ ਕਿ ਸਾਰੇ ਵਿਭਾਗਾਂ ਦੀ ਭਰਤੀ ਸਬੰਧੀ ਪੂਰਾ ਵੇਰਵਾ ਜਨਤਕ ਕੀਤਾ ਜਾਵੇ।

ਪੂਲਾਂ ਨੂੰ ਚੌੜਾ ਕਰਨ ਦੇ ...

ਹਨ। ਉਥੇ ਵੀ ਪੁਲ ਚੌੜੇ ਕਰਨ ਲਈ 50-60 ਸਾਲ ਪੁਰਾਣੇ ਬਣੇ ਹੋਏ ਹਨ। ਉਨ੍ਹਾਂ ਨੇ ਕਿਹਾ ਕਿ ਆਵਾਜਾਈ ਵਧਣ ਕਾਰਨ ਤੰਗ ਪੁਲਾਂ 'ਤੇ ਹਾਦਸੇ ਵਾਪਰ ਰਹੇ ਹਨ। ਲੋਕ ਨਿਰਮਾਣ ਵਿਭਾਗ ਨੇ ਭਰੋਸਾ ਦਿੱਤਾ ਕਿ ਜਲਦੀ ਹੀ ਇਨ੍ਹਾਂ ਪੁਲਾਂ ਦਾ ਸਰਵੇਖਣ ਕਰਵਾ ਕੇ ਕੰਮ ਸ਼ੁਰੂ ਕੀਤਾ ਜਾਵੇਗਾ।

ਹਨ। ਉਥੇ ਵੀ ਪੁਲ ਚੌੜੇ ਕਰਨ ਲਈ 50-60 ਸਾਲ ਪੁਰਾਣੇ ਬਣੇ ਹੋਏ ਹਨ। ਉਨ੍ਹਾਂ ਨੇ ਕਿਹਾ ਕਿ ਆਵਾਜਾਈ ਵਧਣ ਕਾਰਨ ਤੰਗ ਪੁਲਾਂ 'ਤੇ ਹਾਦਸੇ ਵਾਪਰ ਰਹੇ ਹਨ। ਲੋਕ ਨਿਰਮਾਣ ਵਿਭਾਗ ਨੇ ਭਰੋਸਾ ਦਿੱਤਾ ਕਿ ਜਲਦੀ ਹੀ ਇਨ੍ਹਾਂ ਪੁਲਾਂ ਦਾ ਸਰਵੇਖਣ ਕਰਵਾ ਕੇ ਕੰਮ ਸ਼ੁਰੂ ਕੀਤਾ ਜਾਵੇਗਾ।

ਹਨ। ਉਥੇ ਵੀ ਪੁਲ ਚੌੜੇ ਕਰਨ ਲਈ 50-60 ਸਾਲ ਪੁਰਾਣੇ ਬਣੇ ਹੋਏ ਹਨ। ਉਨ੍ਹਾਂ ਨੇ ਕਿਹਾ ਕਿ ਆਵਾਜਾਈ ਵਧਣ ਕਾਰਨ ਤੰਗ ਪੁਲਾਂ 'ਤੇ ਹਾਦਸੇ ਵਾਪਰ ਰਹੇ ਹਨ। ਲੋਕ ਨਿਰਮਾਣ ਵਿਭਾਗ ਨੇ ਭਰੋਸਾ ਦਿੱਤਾ ਕਿ ਜਲਦੀ ਹੀ ਇਨ੍ਹਾਂ ਪੁਲਾਂ ਦਾ ਸਰਵੇਖਣ ਕਰਵਾ ਕੇ ਕੰਮ ਸ਼ੁਰੂ ਕੀਤਾ ਜਾਵੇਗਾ।

ਸੰਸਦ ਮੈਂਬਰਾਂ ਦੀ ਤਨਖਾਹ ...

ਕੀਤਾ। ਸੰਸਦ ਮੈਂਬਰਾਂ ਦੀ ਤਨਖਾਹ 1 ਲੱਖ ਰੁਪਏ ਤੋਂ ਵਧਾ ਕੇ 1.24 ਲੱਖ ਰੁਪਏ ਪ੍ਰਤੀ ਮਹੀਨਾ ਕੀਤੀ ਗਈ ਹੈ। ਰੋਜ਼ਾਨਾ ਭੱਤਾ 2,000 ਰੁਪਏ ਤੋਂ ਵਧਾ ਕੇ 2,500 ਰੁਪਏ ਕੀਤਾ ਗਿਆ ਹੈ। ਸਾਬਕਾ ਸੰਸਦ ਮੈਂਬਰਾਂ ਦੀ ਪੈਨਸ਼ਨ 25,000 ਰੁਪਏ ਤੋਂ ਵਧਾ ਕੇ 31,000 ਰੁਪਏ ਕਰ ਦਿੱਤੀ ਗਈ ਹੈ। ਇਹ ਵਾਧਾ 1 ਅਪ੍ਰੈਲ 2023 ਤੋਂ ਲਾਗੂ ਮੰਨਿਆ ਜਾਵੇਗਾ।

ਕੀਤਾ। ਸੰਸਦ ਮੈਂਬਰਾਂ ਦੀ ਤਨਖਾਹ 1 ਲੱਖ ਰੁਪਏ ਤੋਂ ਵਧਾ ਕੇ 1.24 ਲੱਖ ਰੁਪਏ ਪ੍ਰਤੀ ਮਹੀਨਾ ਕੀਤੀ ਗਈ ਹੈ। ਰੋਜ਼ਾਨਾ ਭੱਤਾ 2,000 ਰੁਪਏ ਤੋਂ ਵਧਾ ਕੇ 2,500 ਰੁਪਏ ਕੀਤਾ ਗਿਆ ਹੈ। ਸਾਬਕਾ ਸੰਸਦ ਮੈਂਬਰਾਂ ਦੀ ਪੈਨਸ਼ਨ 25,000 ਰੁਪਏ ਤੋਂ ਵਧਾ ਕੇ 31,000 ਰੁਪਏ ਕਰ ਦਿੱਤੀ ਗਈ ਹੈ। ਇਹ ਵਾਧਾ 1 ਅਪ੍ਰੈਲ 2023 ਤੋਂ ਲਾਗੂ ਮੰਨਿਆ ਜਾਵੇਗਾ।

ਸ੍ਰੀ ਅਕਾਲ ਤਖ਼ਤ ਸਾਹਿਬ ਦੇ ਜਥੇਦਾਰ ...

ਇਸ ਸਮੁੱਚੇ ਮਾਮਲੇ ਉੱਪਰ ਪੰਥਕ ਜਥੇਬੰਦੀਆਂ ਨੇ ਚਿੰਤਾ ਪ੍ਰਗਟਾਈ ਹੈ। ਸਿੱਖ ਸੰਸਥਾਵਾਂ ਦੀ ਮਰਿਆਦਾ ਨੂੰ ਕਾਇਮ ਰੱਖਣ ਲਈ ਸਾਰੀਆਂ ਧਿਰਾਂ ਨੂੰ ਮਿਲ ਕੇ ਕੰਮ ਕਰਨ ਦੀ ਲੋੜ ਹੈ। ਸੰਗਤ ਨੇ ਮੰਗ ਕੀਤੀ ਕਿ ਜਥੇਦਾਰ ਦੀ ਨਿਯੁਕਤੀ ਪੰਥਕ ਰਵਾਇਤਾਂ ਅਨੁਸਾਰ ਹੋਣੀ ਚਾਹੀਦੀ ਹੈ ਅਤੇ ਕਿਸੇ ਵੀ ਸਿਆਸੀ ਦਬਾਅ ਤੋਂ ਮੁਕਤ ਹੋਣੀ ਚਾਹੀਦੀ ਹੈ।

ਇਸ ਸਮੁੱਚੇ ਮਾਮਲੇ ਉੱਪਰ ਪੰਥਕ ਜਥੇਬੰਦੀਆਂ ਨੇ ਚਿੰਤਾ ਪ੍ਰਗਟਾਈ ਹੈ। ਸਿੱਖ ਸੰਸਥਾਵਾਂ ਦੀ ਮਰਿਆਦਾ ਨੂੰ ਕਾਇਮ ਰੱਖਣ ਲਈ ਸਾਰੀਆਂ ਧਿਰਾਂ ਨੂੰ ਮਿਲ ਕੇ ਕੰਮ ਕਰਨ ਦੀ ਲੋੜ ਹੈ। ਸੰਗਤ ਨੇ ਮੰਗ ਕੀਤੀ ਕਿ ਜਥੇਦਾਰ ਦੀ ਨਿਯੁਕਤੀ ਪੰਥਕ ਰਵਾਇਤਾਂ ਅਨੁਸਾਰ ਹੋਣੀ ਚਾਹੀਦੀ ਹੈ ਅਤੇ ਕਿਸੇ ਵੀ ਸਿਆਸੀ ਦਬਾਅ ਤੋਂ ਮੁਕਤ ਹੋਣੀ ਚਾਹੀਦੀ ਹੈ।

ਇਸ ਸਮੁੱਚੇ ਮਾਮਲੇ ਉੱਪਰ ਪੰਥਕ ਜਥੇਬੰਦੀਆਂ ਨੇ ਚਿੰਤਾ ਪ੍ਰਗਟਾਈ ਹੈ। ਸਿੱਖ ਸੰਸਥਾਵਾਂ ਦੀ ਮਰਿਆਦਾ ਨੂੰ ਕਾਇਮ ਰੱਖਣ ਲਈ ਸਾਰੀਆਂ ਧਿਰਾਂ ਨੂੰ ਮਿਲ ਕੇ ਕੰਮ ਕਰਨ ਦੀ ਲੋੜ ਹੈ। ਸੰਗਤ ਨੇ ਮੰਗ ਕੀਤੀ ਕਿ ਜਥੇਦਾਰ ਦੀ ਨਿਯੁਕਤੀ ਪੰਥਕ ਰਵਾਇਤਾਂ ਅਨੁਸਾਰ ਹੋਣੀ ਚਾਹੀਦੀ ਹੈ ਅਤੇ ਕਿਸੇ ਵੀ ਸਿਆਸੀ ਦਬਾਅ ਤੋਂ ਮੁਕਤ ਹੋਣੀ ਚਾਹੀਦੀ ਹੈ।

ਕਿਸਾਨਾਂ ਕਰਜ਼ਾ ਨਾ ਮਿਲਣ ...

ਮੀਆਦੀ (24 ਸਾਲਾਂ ਦੇ) ਕਰਜ਼ੇ ਦਾ ਆਖ਼ਰੀ ਸਮਾਂ ਦੇ ਦੀ ਗਰਜ਼, ਸਹਿਕਾਰਤਾ ਨੇ ਇਸ ਬਾਰੇ ਬੈਂਕਾਂ ਤੋਂ ਜਾਣਕਾਰੀ ਮੰਗੀ ਹੈ। ਕਿਸਾਨ ਆਗੂਆਂ ਨੇ ਕਿਹਾ ਕਿ ਸਹਿਕਾਰੀ ਬੈਂਕਾਂ ਵੱਲੋਂ ਕਰਜ਼ਾ ਨਾ ਮਿਲਣ ਕਾਰਨ ਖੇਤੀ ਦਾ ਕੰਮ ਪ੍ਰਭਾਵਿਤ ਹੋ ਰਿਹਾ ਹੈ ਅਤੇ ਕਿਸਾਨ ਸ਼ਾਹੂਕਾਰਾਂ ਤੋਂ ਮਹਿੰਗੇ ਵਿਆਜ 'ਤੇ ਕਰਜ਼ਾ ਲੈਣ ਲਈ ਮਜਬੂਰ ਹਨ।

ਮੀਆਦੀ (24 ਸਾਲਾਂ ਦੇ) ਕਰਜ਼ੇ ਦਾ ਆਖ਼ਰੀ ਸਮਾਂ ਦੇ ਦੀ ਗਰਜ਼, ਸਹਿਕਾਰਤਾ ਨੇ ਇਸ ਬਾਰੇ ਬੈਂਕਾਂ ਤੋਂ ਜਾਣਕਾਰੀ ਮੰਗੀ ਹੈ। ਕਿਸਾਨ ਆਗੂਆਂ ਨੇ ਕਿਹਾ ਕਿ ਸਹਿਕਾਰੀ ਬੈਂਕਾਂ ਵੱਲੋਂ ਕਰਜ਼ਾ ਨਾ ਮਿਲਣ ਕਾਰਨ ਖੇਤੀ ਦਾ ਕੰਮ ਪ੍ਰਭਾਵਿਤ ਹੋ ਰਿਹਾ ਹੈ ਅਤੇ ਕਿਸਾਨ ਸ਼ਾਹੂਕਾਰਾਂ ਤੋਂ ਮਹਿੰਗੇ ਵਿਆਜ 'ਤੇ ਕਰਜ਼ਾ ਲੈਣ ਲਈ ਮਜਬੂਰ ਹਨ।

ਤਹਿਸੀਲਦਾਰਾਂ ਤੋਂ ਬਾਅਦ ਹੁਣ ...

ਨੇ ਸਰਕਾਰ ਵੱਲੋਂ ਰਿਸ਼ਵਤ 'ਚ ਫਸੇ ਅਧਿਕਾਰੀਆਂ ਖ਼ਿਲਾਫ਼ ਕਾਰਵਾਈ ਦਾ ਵਿਰੋਧ ਕੀਤਾ। ਮਾਲ ਵਿਭਾਗ ਦੇ ਕਰਮਚਾਰੀਆਂ ਨੇ ਹੜਤਾਲ ਦਾ ਐਲਾਨ ਕਰ ਦਿੱਤਾ ਹੈ ਜਿਸ ਕਾਰਨ ਰਜਿਸਟਰੀਆਂ ਅਤੇ ਹੋਰ ਕੰਮ ਪ੍ਰਭਾਵਿਤ ਹੋ ਰਹੇ ਹਨ। ਲੋਕਾਂ ਨੂੰ ਦਫ਼ਤਰਾਂ ਦੇ ਚੱਕਰ ਲਗਾਉਣੇ ਪੈ ਰਹੇ ਹਨ।

ਨੇ ਸਰਕਾਰ ਵੱਲੋਂ ਰਿਸ਼ਵਤ 'ਚ ਫਸੇ ਅਧਿਕਾਰੀਆਂ ਖ਼ਿਲਾਫ਼ ਕਾਰਵਾਈ ਦਾ ਵਿਰੋਧ ਕੀਤਾ। ਮਾਲ ਵਿਭਾਗ ਦੇ ਕਰਮਚਾਰੀਆਂ ਨੇ ਹੜਤਾਲ ਦਾ ਐਲਾਨ ਕਰ ਦਿੱਤਾ ਹੈ ਜਿਸ ਕਾਰਨ ਰਜਿਸਟਰੀਆਂ ਅਤੇ ਹੋਰ ਕੰਮ ਪ੍ਰਭਾਵਿਤ ਹੋ ਰਹੇ ਹਨ। ਲੋਕਾਂ ਨੂੰ ਦਫ਼ਤਰਾਂ ਦੇ ਚੱਕਰ ਲਗਾਉਣੇ ਪੈ ਰਹੇ ਹਨ।

ਪੰਜਾਬ ਮਾਮਲਿਆਂ ਦੇ ਇੰਚਾਰਜ ...

ਕਰਨ ਲਈ ਤਿਆਰ ਹੈ। ਪਾਰਟੀ ਹਾਈਕਮਾਨ ਨੇ ਸੂਬਾ ਇਕਾਈ ਦੇ ਆਗੂਆਂ ਨਾਲ ਮੀਟਿੰਗ ਕਰਕੇ ਆਉਣ ਵਾਲੀਆਂ ਚੋਣਾਂ ਦੀ ਰਣਨੀਤੀ 'ਤੇ ਵਿਚਾਰ ਚਰਚਾ ਕੀਤੀ। ਇੰਚਾਰਜ ਨੇ ਕਿਹਾ ਕਿ ਪਾਰਟੀ ਵਰਕਰਾਂ ਨੂੰ ਜ਼ਮੀਨੀ ਪੱਧਰ 'ਤੇ ਮਜ਼ਬੂਤ ਕਰਨ ਲਈ ਨਵੀਂ ਮੁਹਿੰਮ ਸ਼ੁਰੂ ਕੀਤੀ ਜਾਵੇਗੀ।

ਕਰਨ ਲਈ ਤਿਆਰ ਹੈ। ਪਾਰਟੀ ਹਾਈਕਮਾਨ ਨੇ ਸੂਬਾ ਇਕਾਈ ਦੇ ਆਗੂਆਂ ਨਾਲ ਮੀਟਿੰਗ ਕਰਕੇ ਆਉਣ ਵਾਲੀਆਂ ਚੋਣਾਂ ਦੀ ਰਣਨੀਤੀ 'ਤੇ ਵਿਚਾਰ ਚਰਚਾ ਕੀਤੀ। ਇੰਚਾਰਜ ਨੇ ਕਿਹਾ ਕਿ ਪਾਰਟੀ ਵਰਕਰਾਂ ਨੂੰ ਜ਼ਮੀਨੀ ਪੱਧਰ 'ਤੇ ਮਜ਼ਬੂਤ ਕਰਨ ਲਈ ਨਵੀਂ ਮੁਹਿੰਮ ਸ਼ੁਰੂ ਕੀਤੀ ਜਾਵੇਗੀ।

ਕਰਨ ਲਈ ਤਿਆਰ ਹੈ। ਪਾਰਟੀ ਹਾਈਕਮਾਨ ਨੇ ਸੂਬਾ ਇਕਾਈ ਦੇ ਆਗੂਆਂ ਨਾਲ ਮੀਟਿੰਗ ਕਰਕੇ ਆਉਣ ਵਾਲੀਆਂ ਚੋਣਾਂ ਦੀ ਰਣਨੀਤੀ 'ਤੇ ਵਿਚਾਰ ਚਰਚਾ ਕੀਤੀ। ਇੰਚਾਰਜ ਨੇ ਕਿਹਾ ਕਿ ਪਾਰਟੀ ਵਰਕਰਾਂ ਨੂੰ ਜ਼ਮੀਨੀ ਪੱਧਰ 'ਤੇ ਮਜ਼ਬੂਤ ਕਰਨ ਲਈ ਨਵੀਂ ਮੁਹਿੰਮ ਸ਼ੁਰੂ ਕੀਤੀ ਜਾਵੇਗੀ।

ਮੁੱਖ ਮੰਤਰੀ ਦੀ ਭਾਸ਼ਾ ਨਾਲ ...

ਨਾਲ ਸਬੰਧਤ ਹਨ ਕਿ ਕੇਂਦਰ ਵਿੱਚ ਆ ਰਹੀ ਲੋਕਾਂ ਦੀ ਲੀਡਰਸ਼ਿਪ ਦੀ ਭਾਸ਼ਾ ਸੰਜਮ ਵਾਲੀ ਹੋਣੀ ਚਾਹੀਦੀ ਹੈ। ਵਿਰੋਧੀ ਆਗੂਆਂ ਨੇ ਮੁੱਖ ਮੰਤਰੀ ਦੇ ਬਿਆਨਾਂ ਦੀ ਨਿਖੇਧੀ ਕੀਤੀ ਅਤੇ ਕਿਹਾ ਕਿ ਸਦਨ ਦੀ ਮਰਿਆਦਾ ਨੂੰ ਬਰਕਰਾਰ ਰੱਖਣਾ ਸਾਰਿਆਂ ਦੀ ਜ਼ਿੰਮੇਵਾਰੀ ਹੈ।

ਨਾਲ ਸਬੰਧਤ ਹਨ ਕਿ ਕੇਂਦਰ ਵਿੱਚ ਆ ਰਹੀ ਲੋਕਾਂ ਦੀ ਲੀਡਰਸ਼ਿਪ ਦੀ ਭਾਸ਼ਾ ਸੰਜਮ ਵਾਲੀ ਹੋਣੀ ਚਾਹੀਦੀ ਹੈ। ਵਿਰੋਧੀ ਆਗੂਆਂ ਨੇ ਮੁੱਖ ਮੰਤਰੀ ਦੇ ਬਿਆਨਾਂ ਦੀ ਨਿਖੇਧੀ ਕੀਤੀ ਅਤੇ ਕਿਹਾ ਕਿ ਸਦਨ ਦੀ ਮਰਿਆਦਾ ਨੂੰ ਬਰਕਰਾਰ ਰੱਖਣਾ ਸਾਰਿਆਂ ਦੀ ਜ਼ਿੰਮੇਵਾਰੀ ਹੈ।

ਸਰਕਾਰ ਚਲਾ ਰਹੇ ਹਨ ਅਤੇ ਇਹ ਚਰਚਾ ਪੰਜਾਬ ਦੀ ਸਿਆਸਤ ਵਿੱਚ ਜ਼ੋਰਾਂ 'ਤੇ ਹੈ। ਵਿਰੋਧੀ ਧਿਰਾਂ ਨੇ ਦੋਸ਼ ਲਾਇਆ ਕਿ ਦਿੱਲੀ ਦੇ ਆਗੂ ਪੰਜਾਬ ਦੇ ਫ਼ੈਸਲੇ ਕਰ ਰਹੇ ਹਨ ਅਤੇ ਸੂਬੇ ਦੀ ਖੁਦਮੁਖਤਿਆਰੀ ਨੂੰ ਢਾਹ ਲਾਈ ਜਾ ਰਹੀ ਹੈ। ਉਨ੍ਹਾਂ ਕਿਹਾ ਕਿ ਪੰਜਾਬ ਦੇ ਲੋਕ ਇਸ ਦਾ ਜਵਾਬ ਚੋਣਾਂ ਵਿੱਚ ਦੇਣਗੇ।

ਸਿਸੋਦੀਆ ਦਾ ਸਵਾਗਤ ਸੁਪਰ ਸੀਐਮ ...

ਸਰਕਾਰ ਚਲਾ ਰਹੇ ਹਨ ਅਤੇ ਇਹ ਚਰਚਾ ਪੰਜਾਬ ਦੀ ਸਿਆਸਤ ਵਿੱਚ ਜ਼ੋਰਾਂ 'ਤੇ ਹੈ। ਵਿਰੋਧੀ ਧਿਰਾਂ ਨੇ ਦੋਸ਼ ਲਾਇਆ ਕਿ ਦਿੱਲੀ ਦੇ ਆਗੂ ਪੰਜਾਬ ਦੇ ਫ਼ੈਸਲੇ ਕਰ ਰਹੇ ਹਨ ਅਤੇ ਸੂਬੇ ਦੀ ਖੁਦਮੁਖਤਿਆਰੀ ਨੂੰ ਢਾਹ ਲਾਈ ਜਾ ਰਹੀ ਹੈ। ਉਨ੍ਹਾਂ ਕਿਹਾ ਕਿ ਪੰਜਾਬ ਦੇ ਲੋਕ ਇਸ ਦਾ ਜਵਾਬ ਚੋਣਾਂ ਵਿੱਚ ਦੇਣਗੇ।

ਸਰਕਾਰ ਚਲਾ ਰਹੇ ਹਨ ਅਤੇ ਇਹ ਚਰਚਾ ਪੰਜਾਬ ਦੀ ਸਿਆਸਤ ਵਿੱਚ ਜ਼ੋਰਾਂ 'ਤੇ ਹੈ। ਵਿਰੋਧੀ ਧਿਰਾਂ ਨੇ ਦੋਸ਼ ਲਾਇਆ ਕਿ ਦਿੱਲੀ ਦੇ ਆਗੂ ਪੰਜਾਬ ਦੇ ਫ਼ੈਸਲੇ ਕਰ ਰਹੇ ਹਨ ਅਤੇ ਸੂਬੇ ਦੀ ਖੁਦਮੁਖਤਿਆਰੀ ਨੂੰ ਢਾਹ ਲਾਈ ਜਾ ਰਹੀ ਹੈ। ਉਨ੍ਹਾਂ ਕਿਹਾ ਕਿ ਪੰਜਾਬ ਦੇ ਲੋਕ ਇਸ ਦਾ ਜਵਾਬ ਚੋਣਾਂ ਵਿੱਚ ਦੇਣਗੇ।

ਭਿੰਡਰਾਂਵਾਲਿਆਂ ਨੂੰ ਭੰਡਣ ਵਾਲੇ ...

ਵੱਲ ਜਾਂਦੀ ਨਜ਼ਰ ਆ ਰਹੀ ਹੈ। ਸਿੱਖ ਸੰਗਤ ਨੇ ਇਸ ਬਿਆਨ ਦੀ ਸਖ਼ਤ ਨਿਖੇਧੀ ਕੀਤੀ ਹੈ ਅਤੇ ਮੰਗ ਕੀਤੀ ਹੈ ਕਿ ਇਤਿਹਾਸ ਨੂੰ ਤੋੜ ਮਰੋੜ ਕੇ ਪੇਸ਼ ਕਰਨ ਵਾਲਿਆਂ ਖ਼ਿਲਾਫ਼ ਕਾਰਵਾਈ ਕੀਤੀ ਜਾਵੇ।

ਵੱਲ ਜਾਂਦੀ ਨਜ਼ਰ ਆ ਰਹੀ ਹੈ। ਸਿੱਖ ਸੰਗਤ ਨੇ ਇਸ ਬਿਆਨ ਦੀ ਸਖ਼ਤ ਨਿਖੇਧੀ ਕੀਤੀ ਹੈ ਅਤੇ ਮੰਗ ਕੀਤੀ ਹੈ ਕਿ ਇਤਿਹਾਸ ਨੂੰ ਤੋੜ ਮਰੋੜ ਕੇ ਪੇਸ਼ ਕਰਨ ਵਾਲਿਆਂ ਖ਼ਿਲਾਫ਼ ਕਾਰਵਾਈ ਕੀਤੀ ਜਾਵੇ।

ਪੰਜਾਬ ਪੁਲਿਸ ਨੂੰ ਮਾਨਸਿਕਤਾ ...

ਗਈ। ਪਿਛਲੇ ਸਾਲ ਪੰਜਾਬ ਪੁਲਿਸ ਨੇ ਕਈ ਮਾਮਲਿਆਂ ਵਿੱਚ ਕਾਰਵਾਈ ਕੀਤੀ ਪਰ ਲੋਕਾਂ ਦਾ ਭਰੋਸਾ ਜਿੱਤਣ ਲਈ ਪੁਲਿਸ ਦੀ ਮਾਨਸਿਕਤਾ ਵਿੱਚ ਤਬਦੀਲੀ ਦੀ ਲੋੜ ਹੈ। ਮਾਹਿਰਾਂ ਦਾ ਕਹਿਣਾ ਹੈ ਕਿ ਪੁਲਿਸ ਨੂੰ ਜਨਤਾ ਪ੍ਰਤੀ ਜਵਾਬਦੇਹ ਬਣਾਉਣ ਲਈ ਸੁਧਾਰ ਜ਼ਰੂਰੀ ਹਨ।

ਗਈ। ਪਿਛਲੇ ਸਾਲ ਪੰਜਾਬ ਪੁਲਿਸ ਨੇ ਕਈ ਮਾਮਲਿਆਂ ਵਿੱਚ ਕਾਰਵਾਈ ਕੀਤੀ ਪਰ ਲੋਕਾਂ ਦਾ ਭਰੋਸਾ ਜਿੱਤਣ ਲਈ ਪੁਲਿਸ ਦੀ ਮਾਨਸਿਕਤਾ ਵਿੱਚ ਤਬਦੀਲੀ ਦੀ ਲੋੜ ਹੈ। ਮਾਹਿਰਾਂ ਦਾ ਕਹਿਣਾ ਹੈ ਕਿ ਪੁਲਿਸ ਨੂੰ ਜਨਤਾ ਪ੍ਰਤੀ ਜਵਾਬਦੇਹ ਬਣਾਉਣ ਲਈ ਸੁਧਾਰ ਜ਼ਰੂਰੀ ਹਨ।

ਬਖੇੜਾ ਜਾਂ ਨਿਬੇੜਾ...

ਤੋਂ ਸਾਰੂਕ ਕਰਦੇ ਹਨ ਕਿ ਆਪਸੀ ਮਤਭੇਦ ਭੁਲਾ ਕੇ ਪੰਥ ਦੀ ਚੜ੍ਹਦੀ ਕਲਾ ਲਈ ਕੰਮ ਕਰਨਾ ਚਾਹੀਦਾ ਹੈ। ਜੇਕਰ ਧਿਰਾਂ ਆਪਸ ਵਿੱਚ ਉਲਝੀਆਂ ਰਹਿਣਗੀਆਂ ਤਾਂ ਇਸ ਦਾ ਨੁਕਸਾਨ ਪੂਰੀ ਕੌਮ ਨੂੰ ਹੋਵੇਗਾ।

ਤੋਂ ਸਾਰੂਕ ਕਰਦੇ ਹਨ ਕਿ ਆਪਸੀ ਮਤਭੇਦ ਭੁਲਾ ਕੇ ਪੰਥ ਦੀ ਚੜ੍ਹਦੀ ਕਲਾ ਲਈ ਕੰਮ ਕਰਨਾ ਚਾਹੀਦਾ ਹੈ। ਜੇਕਰ ਧਿਰਾਂ ਆਪਸ ਵਿੱਚ ਉਲਝੀਆਂ ਰਹਿਣਗੀਆਂ ਤਾਂ ਇਸ ਦਾ ਨੁਕਸਾਨ ਪੂਰੀ ਕੌਮ ਨੂੰ ਹੋਵੇਗਾ।

9 ਸਾਲਾਂ ਦੇ ਮਾਸੂਮ ਨੂੰ ਅਵਾਰਾ ਕੁੱਤਿਆਂ ਨੇ ਕੋਹ ਕੋਹ ਕੇ ਮਾਰਿਆ
ਮੋਗੀ, 24 ਮਾਰਚ (ਏਜੰਸੀ)
ਜਗਰਾਉਂ (ਲੁਧਿਆਣਾ): 9 ਸਾਲ ਦੇ ਸ਼ੁਭਮ ਕੁਮਾਰ ਨੂੰ ਪਿੰਡ ਦੇ ਬਾਹਰ ਅਵਾਰਾ ਕੁੱਤਿਆਂ ਨੇ ਘੇਰ ਕੇ ਹਮਲਾ ਕਰ ਦਿੱਤਾ। ਮਜ਼ਦੂਰ ਪਰਿਵਾਰ ਦਾ ਬੱਚਾ ਖੇਤਾਂ ਵੱਲ ਗਿਆ ਸੀ ਜਦੋਂ ਕੁੱਤਿਆਂ ਨੇ ਉਸ 'ਤੇ ਹਮਲਾ ਕੀਤਾ। ਪਿੰਡ ਵਾਸੀਆਂ ਨੇ ਬੱਚੇ ਨੂੰ ਹਸਪਤਾਲ ਪਹੁੰਚਾਇਆ ਪਰ ਉਸ ਦੀ ਮੌਤ ਹੋ ਗਈ। ਲੋਕਾਂ ਨੇ ਪ੍ਰਸ਼ਾਸਨ ਤੋਂ ਅਵਾਰਾ ਕੁੱਤਿਆਂ ਦੀ ਸਮੱਸਿਆ ਦੇ ਹੱਲ ਦੀ ਮੰਗ ਕੀਤੀ।
ਰਵੀ ਇੰਦਰ ਸਿੰਘ ਵੱਲੋਂ ਸ਼੍ਰੋਮਣੀ ਕਮੇਟੀ ਦੇ ਮੈਂਬਰਾਂ ਨਾਮ ਖੁੱਲ੍ਹੀ ਚਿੱਠੀ

ਸਤਿਕਾਰਯੋਗ ਸ਼੍ਰੋਮਣੀ ਗੁਰਦੁਆਰਾ ਪ੍ਰਬੰਧਕ ਕਮੇਟੀ ਸਾਹਿਬ ਜੀਓ, ॥ ਵਾਹਿਗੁਰੂ ਜੀ ਕਾ ਖ਼ਾਲਸਾ ॥ ॥ ਵਾਹਿਗੁਰੂ ਜੀ ਕੀ ਫ਼ਤਹਿ ॥

ਨਵੰਬਰ 1920 ਦੇ ਇਤਿਹਾਸ ਵਿੱਚ ਸ਼੍ਰੋਮਣੀ ਕਮੇਟੀ ਦਾ ਗਠਨ ਹੋਇਆ ਅਤੇ ਗੁਰਦੁਆਰਿਆਂ ਦੇ ਪ੍ਰਬੰਧ ਨੂੰ ਪੰਥਕ ਹੱਥਾਂ ਵਿੱਚ ਲਿਆਂਦਾ ਗਿਆ। ਅੱਜ ਕਮੇਟੀ ਦੇ ਮੈਂਬਰਾਂ ਨੂੰ ਬੇਨਤੀ ਹੈ ਕਿ ਸੰਸਥਾ ਦੀ ਆਜ਼ਾਦ ਹਸਤੀ ਨੂੰ ਕਾਇਮ ਰੱਖਿਆ ਜਾਵੇ। ਸਾਲ 2024 ਵਿੱਚ ਜੋ ਹਾਲਾਤ ਬਣੇ ਉਨ੍ਹਾਂ ਨੇ ਸੰਗਤ ਨੂੰ ਚਿੰਤਾ ਵਿੱਚ ਪਾਇਆ। ਸ੍ਰੀ ਅਕਾਲ ਤਖ਼ਤ ਸਾਹਿਬ ਦੀ ਮਰਿਆਦਾ ਸਭ ਤੋਂ ਉੱਪਰ ਹੈ ਅਤੇ ਹਰ ਸਿੱਖ ਨੂੰ ਇਸ ਦਾ ਸਤਿਕਾਰ ਕਰਨਾ ਚਾਹੀਦਾ ਹੈ। ਇਤਿਹਾਸ ਗਵਾਹ ਹੈ ਕਿ ਜਦੋਂ ਵੀ ਪੰਥ ਉੱਤੇ ਸੰਕਟ ਆਇਆ ਤਾਂ ਸੰਗਤ ਨੇ ਇੱਕਜੁੱਟ ਹੋ ਕੇ ਉਸ ਦਾ ਸਾਹਮਣਾ ਕੀਤਾ। ਆਸ ਹੈ ਕਿ ਮੈਂਬਰ ਸਾਹਿਬਾਨ ਪੰਥਕ ਹਿੱਤਾਂ ਨੂੰ ਪਹਿਲ ਦੇਣਗੇ।

ਨਵੰਬਰ 1920 ਦੇ ਇਤਿਹਾਸ ਵਿੱਚ ਸ਼੍ਰੋਮਣੀ ਕਮੇਟੀ ਦਾ ਗਠਨ ਹੋਇਆ ਅਤੇ ਗੁਰਦੁਆਰਿਆਂ ਦੇ ਪ੍ਰਬੰਧ ਨੂੰ ਪੰਥਕ ਹੱਥਾਂ ਵਿੱਚ ਲਿਆਂਦਾ ਗਿਆ। ਅੱਜ ਕਮੇਟੀ ਦੇ ਮੈਂਬਰਾਂ ਨੂੰ ਬੇਨਤੀ ਹੈ ਕਿ ਸੰਸਥਾ ਦੀ ਆਜ਼ਾਦ ਹਸਤੀ ਨੂੰ ਕਾਇਮ ਰੱਖਿਆ ਜਾਵੇ। ਸਾਲ 2024 ਵਿੱਚ ਜੋ ਹਾਲਾਤ ਬਣੇ ਉਨ੍ਹਾਂ ਨੇ ਸੰਗਤ ਨੂੰ ਚਿੰਤਾ ਵਿੱਚ ਪਾਇਆ। ਸ੍ਰੀ ਅਕਾਲ ਤਖ਼ਤ ਸਾਹਿਬ ਦੀ ਮਰਿਆਦਾ ਸਭ ਤੋਂ ਉੱਪਰ ਹੈ ਅਤੇ ਹਰ ਸਿੱਖ ਨੂੰ ਇਸ ਦਾ ਸਤਿਕਾਰ ਕਰਨਾ ਚਾਹੀਦਾ ਹੈ। ਇਤਿਹਾਸ ਗਵਾਹ ਹੈ ਕਿ ਜਦੋਂ ਵੀ ਪੰਥ ਉੱਤੇ ਸੰਕਟ ਆਇਆ ਤਾਂ ਸੰਗਤ ਨੇ ਇੱਕਜੁੱਟ ਹੋ ਕੇ ਉਸ ਦਾ ਸਾਹਮਣਾ ਕੀਤਾ। ਆਸ ਹੈ ਕਿ ਮੈਂਬਰ ਸਾਹਿਬਾਨ ਪੰਥਕ ਹਿੱਤਾਂ ਨੂੰ ਪਹਿਲ ਦੇਣਗੇ।

ਪੰਥ ਦਾ ਸੇਵਾਦਾਰ - ਰਵੀ ਇੰਦਰ ਸਿੰਘ, ਸਾਬਕਾ ਸਪੀਕਰ ਪੰਜਾਬ ਵਿਧਾਨ ਸਭਾ
Editor, Printer and Publisher Rishabdeep Singh, Printed at: Impression Printing & Packaging (Ltd.) Plot No. 22 Phase-2 industrial Area Panchkula (Haryana) 134109 & Published From 3223, First Floor, Sector-35D, Chandigarh
